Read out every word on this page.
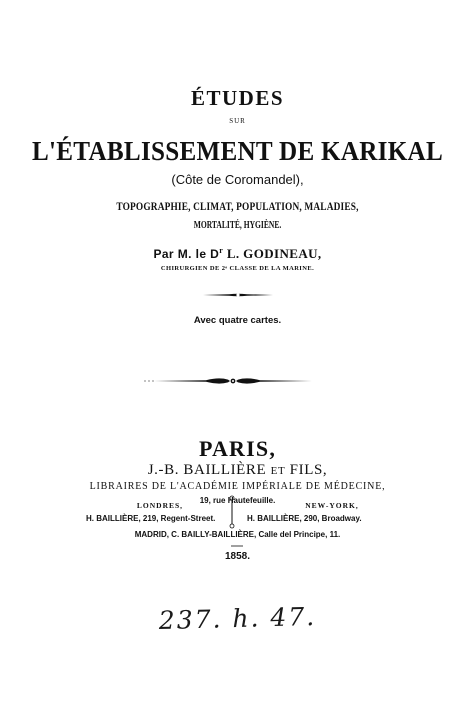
ÉTUDES
SUR
L'ÉTABLISSEMENT DE KARIKAL
(Côte de Coromandel),
TOPOGRAPHIE, CLIMAT, POPULATION, MALADIES,
MORTALITÉ, HYGIÈNE.
Par M. le $D^r$ L. GODINEAU,
CHIRURGIEN DE 2ᵉ CLASSE DE LA MARINE.
Avec quatre cartes.
PARIS,
J.-B. BAILLIÈRE ET FILS,
LIBRAIRES DE L'ACADÉMIE IMPÉRIALE DE MÉDECINE,
19, rue Hautefeuille.
LONDRES,
H. BAILLIÈRE, 219, Regent-Street.
NEW-YORK,
H. BAILLIÈRE, 290, Broadway.
MADRID, C. BAILLY-BAILLIÈRE, Calle del Principe, 11.
1858.
237. h. 47.
